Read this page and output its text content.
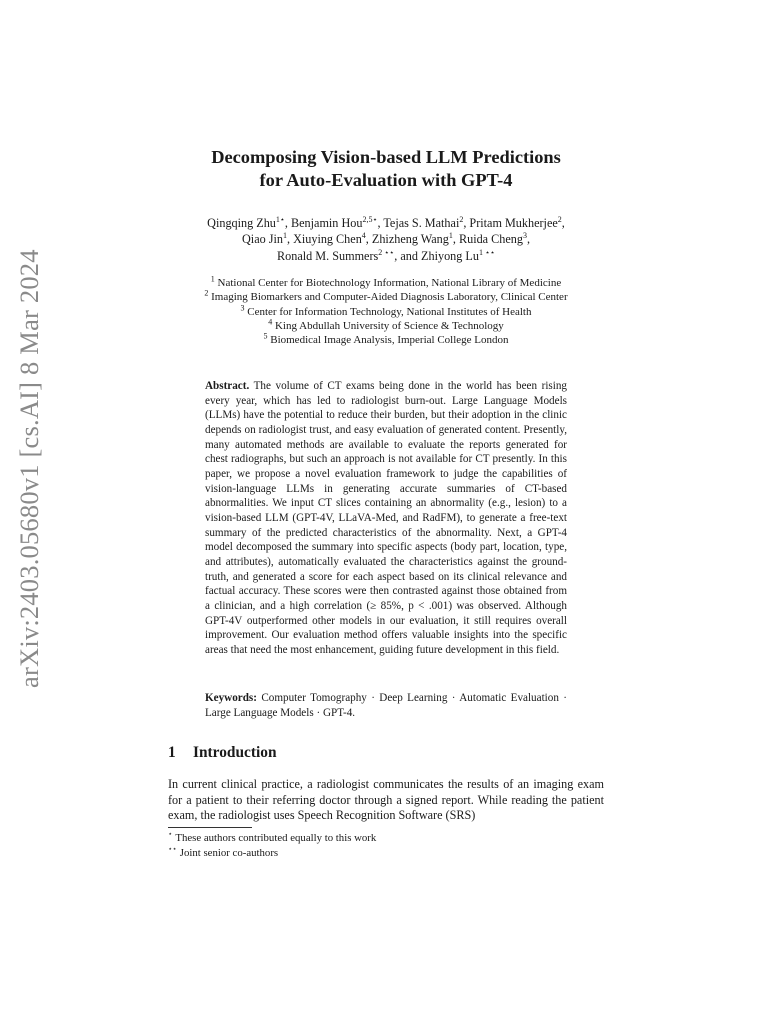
arXiv:2403.05680v1 [cs.AI] 8 Mar 2024
Decomposing Vision-based LLM Predictions
for Auto-Evaluation with GPT-4
Qingqing Zhu$^{1⋆}$, Benjamin Hou$^{2,5⋆}$, Tejas S. Mathai$^2$, Pritam Mukherjee$^2$,
Qiao Jin$^1$, Xiuying Chen$^4$, Zhizheng Wang$^1$, Ruida Cheng$^3$,
Ronald M. Summers$^{2 ⋆⋆}$, and Zhiyong $Lu^{1 ⋆⋆}$
$^1$ National Center for Biotechnology Information, National Library of Medicine
$^2$ Imaging Biomarkers and Computer-Aided Diagnosis Laboratory, Clinical Center
$^3$ Center for Information Technology, National Institutes of Health
$^4$ King Abdullah University of Science & Technology
$^5$ Biomedical Image Analysis, Imperial College London
Abstract. The volume of CT exams being done in the world has been rising every year, which has led to radiologist burn-out. Large Language Models (LLMs) have the potential to reduce their burden, but their adoption in the clinic depends on radiologist trust, and easy evaluation of generated content. Presently, many automated methods are available to evaluate the reports generated for chest radiographs, but such an approach is not available for CT presently. In this paper, we propose a novel evaluation framework to judge the capabilities of vision-language LLMs in generating accurate summaries of CT-based abnormalities. We input CT slices containing an abnormality (e.g., lesion) to a vision-based LLM (GPT-4V, LLaVA-Med, and RadFM), to generate a free-text summary of the predicted characteristics of the abnormality. Next, a GPT-4 model decomposed the summary into specific aspects (body part, location, type, and attributes), automatically evaluated the characteristics against the ground-truth, and generated a score for each aspect based on its clinical relevance and factual accuracy. These scores were then contrasted against those obtained from a clinician, and a high correlation (≥ 85%, p < .001) was observed. Although GPT-4V outperformed other models in our evaluation, it still requires overall improvement. Our evaluation method offers valuable insights into the specific areas that need the most enhancement, guiding future development in this field.
Keywords: Computer Tomography · Deep Learning · Automatic Evaluation · Large Language Models · GPT-4.
1 Introduction
In current clinical practice, a radiologist communicates the results of an imaging exam for a patient to their referring doctor through a signed report. While reading the patient exam, the radiologist uses Speech Recognition Software (SRS)
⋆ These authors contributed equally to this work
⋆⋆ Joint senior co-authors
